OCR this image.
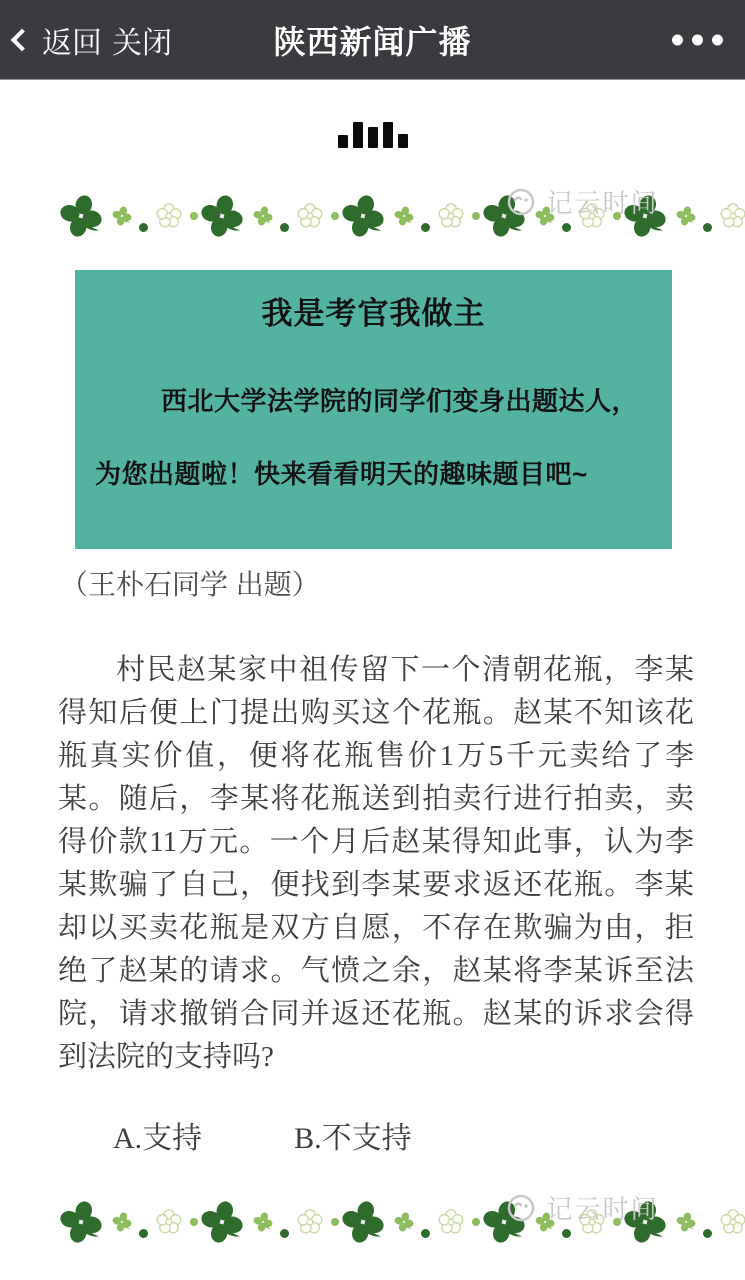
返回 关闭	陕西新闻广播
记云时间
我是考官我做主
西北大学法学院的同学们变身出题达人，
为您出题啦！快来看看明天的趣味题目吧~
（王朴石同学 出题）
村民赵某家中祖传留下一个清朝花瓶，李某得知后便上门提出购买这个花瓶。赵某不知该花瓶真实价值，便将花瓶售价1万5千元卖给了李某。随后，李某将花瓶送到拍卖行进行拍卖，卖得价款11万元。一个月后赵某得知此事，认为李某欺骗了自己，便找到李某要求返还花瓶。李某却以买卖花瓶是双方自愿，不存在欺骗为由，拒绝了赵某的请求。气愤之余，赵某将李某诉至法院，请求撤销合同并返还花瓶。赵某的诉求会得到法院的支持吗?
A.支持	B.不支持
记云时间
